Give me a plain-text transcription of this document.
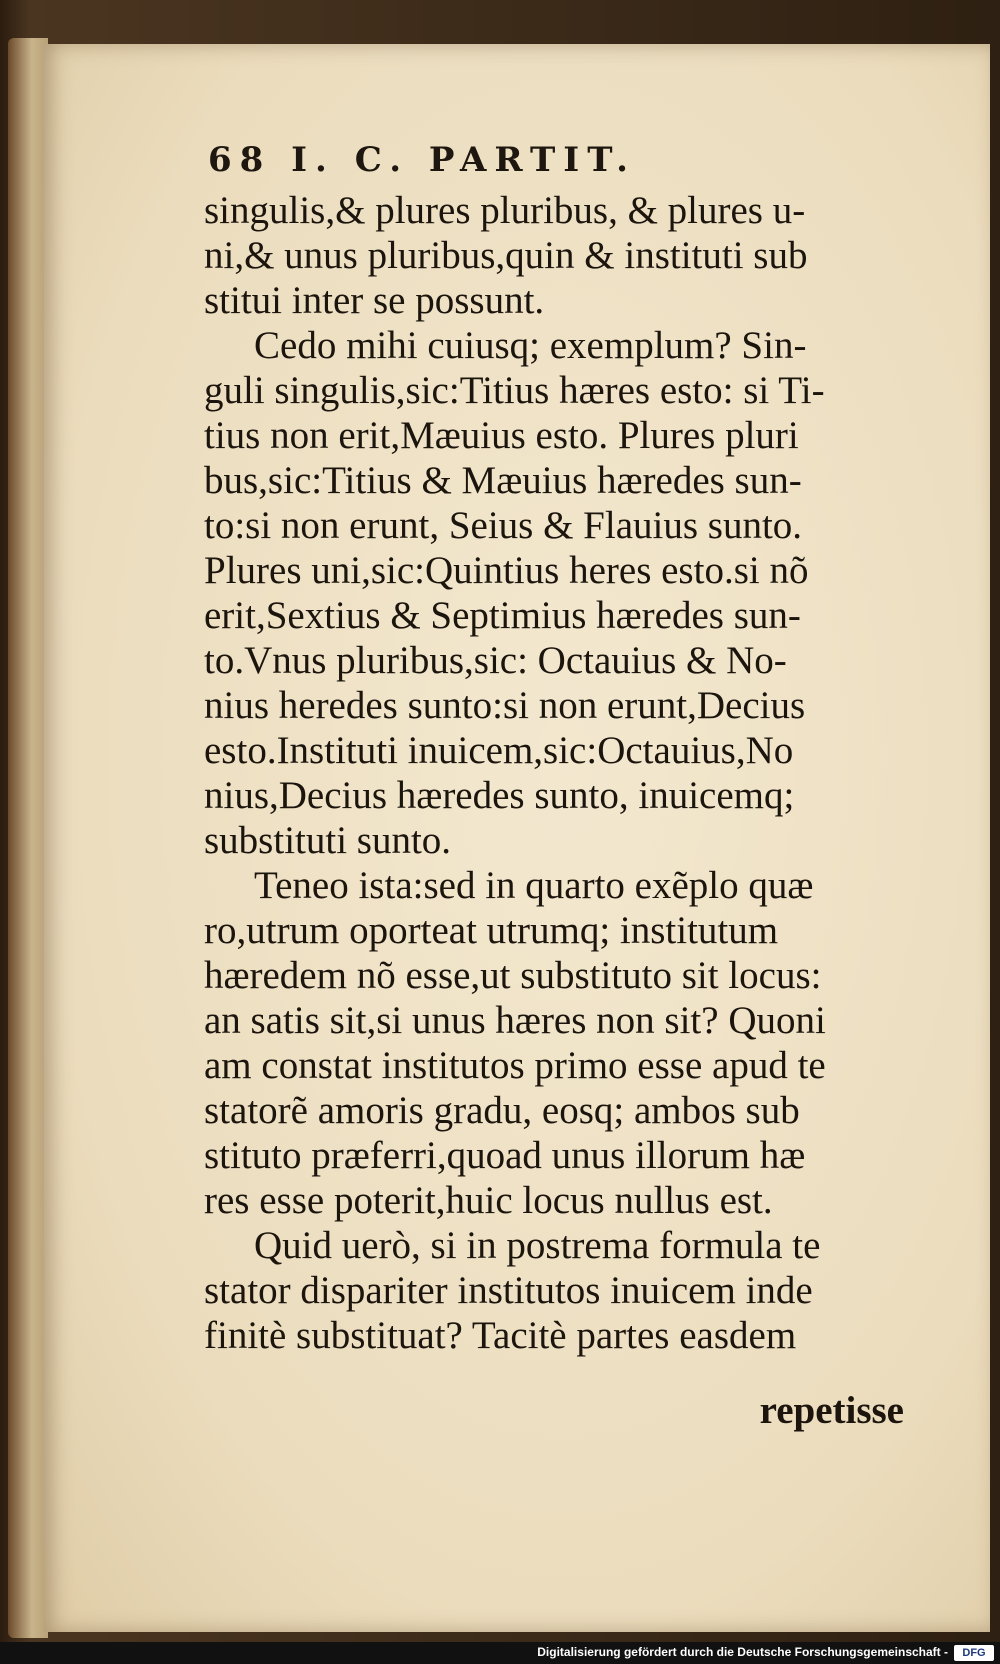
68 I. C. PARTIT.
singulis,& plures pluribus, & plures u-
ni,& unus pluribus,quin & instituti sub
stitui inter se possunt.
Cedo mihi cuiusq; exemplum? Sin-
guli singulis,sic:Titius hæres esto: si Ti-
tius non erit,Mæuius esto. Plures pluri
bus,sic:Titius & Mæuius hæredes sun-
to:si non erunt, Seius & Flauius sunto.
Plures uni,sic:Quintius heres esto.si nõ
erit,Sextius & Septimius hæredes sun-
to.Vnus pluribus,sic: Octauius & No-
nius heredes sunto:si non erunt,Decius
esto.Instituti inuicem,sic:Octauius,No
nius,Decius hæredes sunto, inuicemq;
substituti sunto.
Teneo ista:sed in quarto exẽplo quæ
ro,utrum oporteat utrumq; institutum
hæredem nõ esse,ut substituto sit locus:
an satis sit,si unus hæres non sit? Quoni
am constat institutos primo esse apud te
statorẽ amoris gradu, eosq; ambos sub
stituto præferri,quoad unus illorum hæ
res esse poterit,huic locus nullus est.
Quid uerò, si in postrema formula te
stator dispariter institutos inuicem inde
finitè substituat? Tacitè partes easdem
repetisse
Digitalisierung gefördert durch die Deutsche Forschungsgemeinschaft -	DFG
